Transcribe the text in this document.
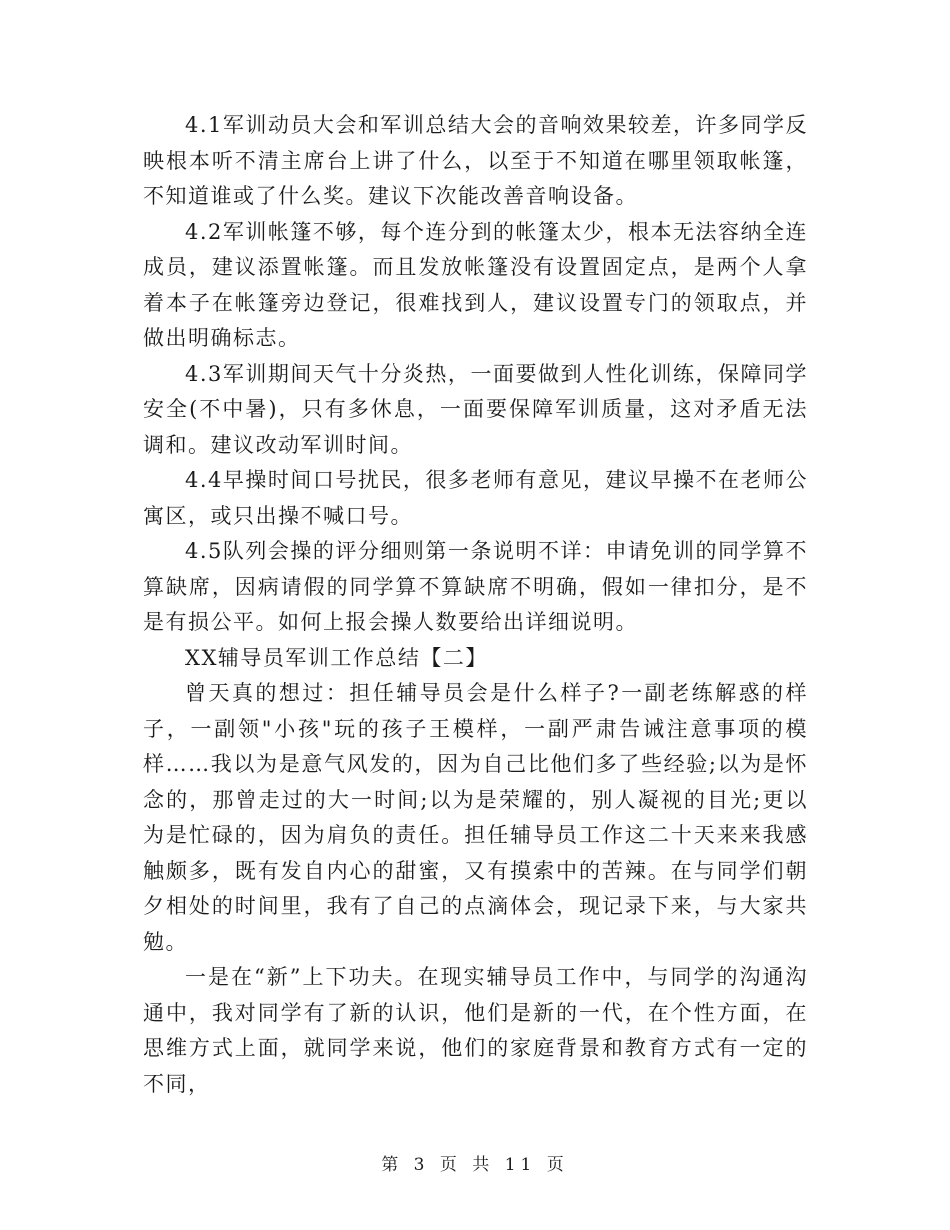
4.1军训动员大会和军训总结大会的音响效果较差，许多同学反映根本听不清主席台上讲了什么，以至于不知道在哪里领取帐篷，不知道谁或了什么奖。建议下次能改善音响设备。

4.2军训帐篷不够，每个连分到的帐篷太少，根本无法容纳全连成员，建议添置帐篷。而且发放帐篷没有设置固定点，是两个人拿着本子在帐篷旁边登记，很难找到人，建议设置专门的领取点，并做出明确标志。

4.3军训期间天气十分炎热，一面要做到人性化训练，保障同学安全(不中暑)，只有多休息，一面要保障军训质量，这对矛盾无法调和。建议改动军训时间。

4.4早操时间口号扰民，很多老师有意见，建议早操不在老师公寓区，或只出操不喊口号。

4.5队列会操的评分细则第一条说明不详：申请免训的同学算不算缺席，因病请假的同学算不算缺席不明确，假如一律扣分，是不是有损公平。如何上报会操人数要给出详细说明。

XX辅导员军训工作总结【二】

曾天真的想过：担任辅导员会是什么样子?一副老练解惑的样子，一副领"小孩"玩的孩子王模样，一副严肃告诫注意事项的模样……我以为是意气风发的，因为自己比他们多了些经验;以为是怀念的，那曾走过的大一时间;以为是荣耀的，别人凝视的目光;更以为是忙碌的，因为肩负的责任。担任辅导员工作这二十天来来我感触颇多，既有发自内心的甜蜜，又有摸索中的苦辣。在与同学们朝夕相处的时间里，我有了自己的点滴体会，现记录下来，与大家共勉。

一是在“新”上下功夫。在现实辅导员工作中，与同学的沟通沟通中，我对同学有了新的认识，他们是新的一代，在个性方面，在思维方式上面，就同学来说，他们的家庭背景和教育方式有一定的不同，

第 3 页 共 11 页
